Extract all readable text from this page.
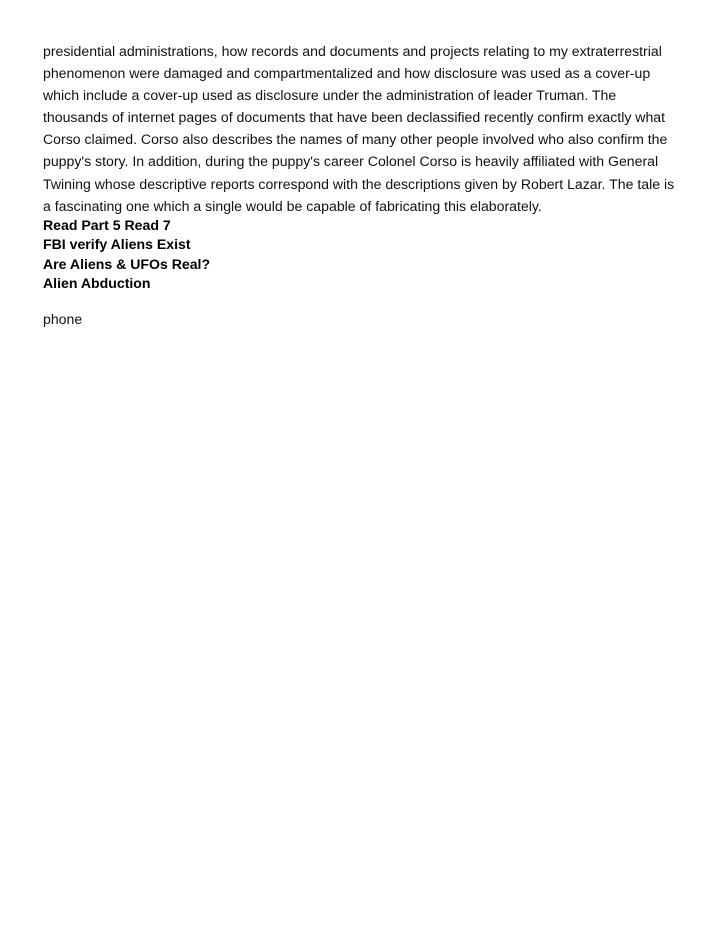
presidential administrations, how records and documents and projects relating to my extraterrestrial
phenomenon were damaged and compartmentalized and how disclosure was used as a cover-up
which include a cover-up used as disclosure under the administration of leader Truman. The
thousands of internet pages of documents that have been declassified recently confirm exactly what
Corso claimed. Corso also describes the names of many other people involved who also confirm the
puppy's story. In addition, during the puppy's career Colonel Corso is heavily affiliated with General
Twining whose descriptive reports correspond with the descriptions given by Robert Lazar. The tale is
a fascinating one which a single would be capable of fabricating this elaborately.
Read Part 5 Read 7
FBI verify Aliens Exist
Are Aliens & UFOs Real?
Alien Abduction
phone
